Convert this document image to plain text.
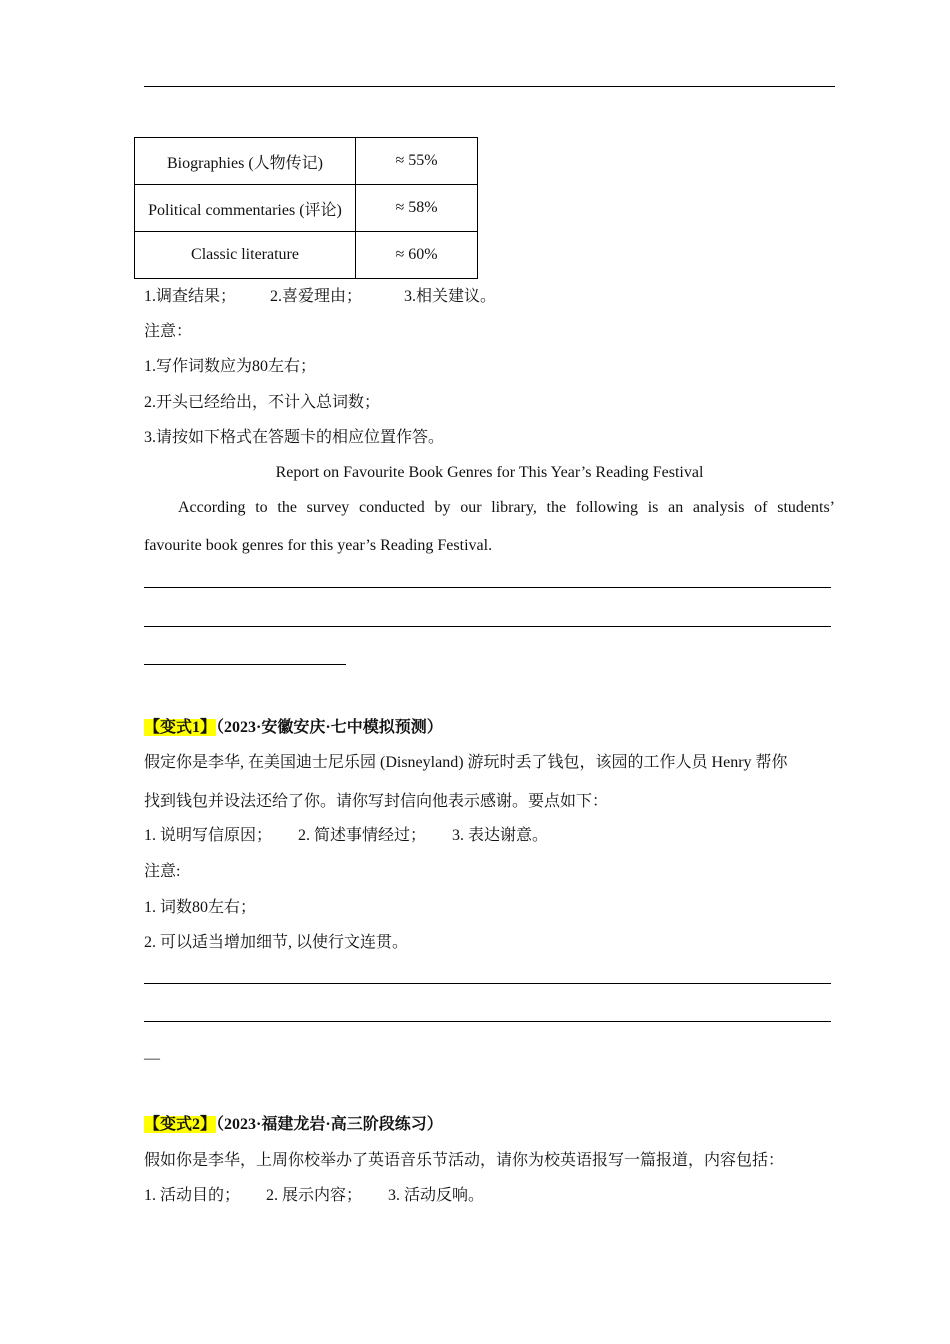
Biographies (人物传记)	≈ 55%
Political commentaries (评论)	≈ 58%
Classic literature	≈ 60%
1.调查结果； 2.喜爱理由；	3.相关建议。
注意：
1.写作词数应为80左右；
2.开头已经给出，不计入总词数；
3.请按如下格式在答题卡的相应位置作答。
Report on Favourite Book Genres for This Year’s Reading Festival
According to the survey conducted by our library, the following is an analysis of students’
favourite book genres for this year’s Reading Festival.
【变式1】（2023·安徽安庆·七中模拟预测）
假定你是李华, 在美国迪士尼乐园 (Disneyland) 游玩时丢了钱包，该园的工作人员 Henry 帮你
找到钱包并设法还给了你。请你写封信向他表示感谢。要点如下：
1. 说明写信原因； 2. 简述事情经过； 3. 表达谢意。
注意:
1. 词数80左右；
2. 可以适当增加细节, 以使行文连贯。
—
【变式2】（2023·福建龙岩·高三阶段练习）
假如你是李华，上周你校举办了英语音乐节活动，请你为校英语报写一篇报道，内容包括：
1. 活动目的； 2. 展示内容； 3. 活动反响。
